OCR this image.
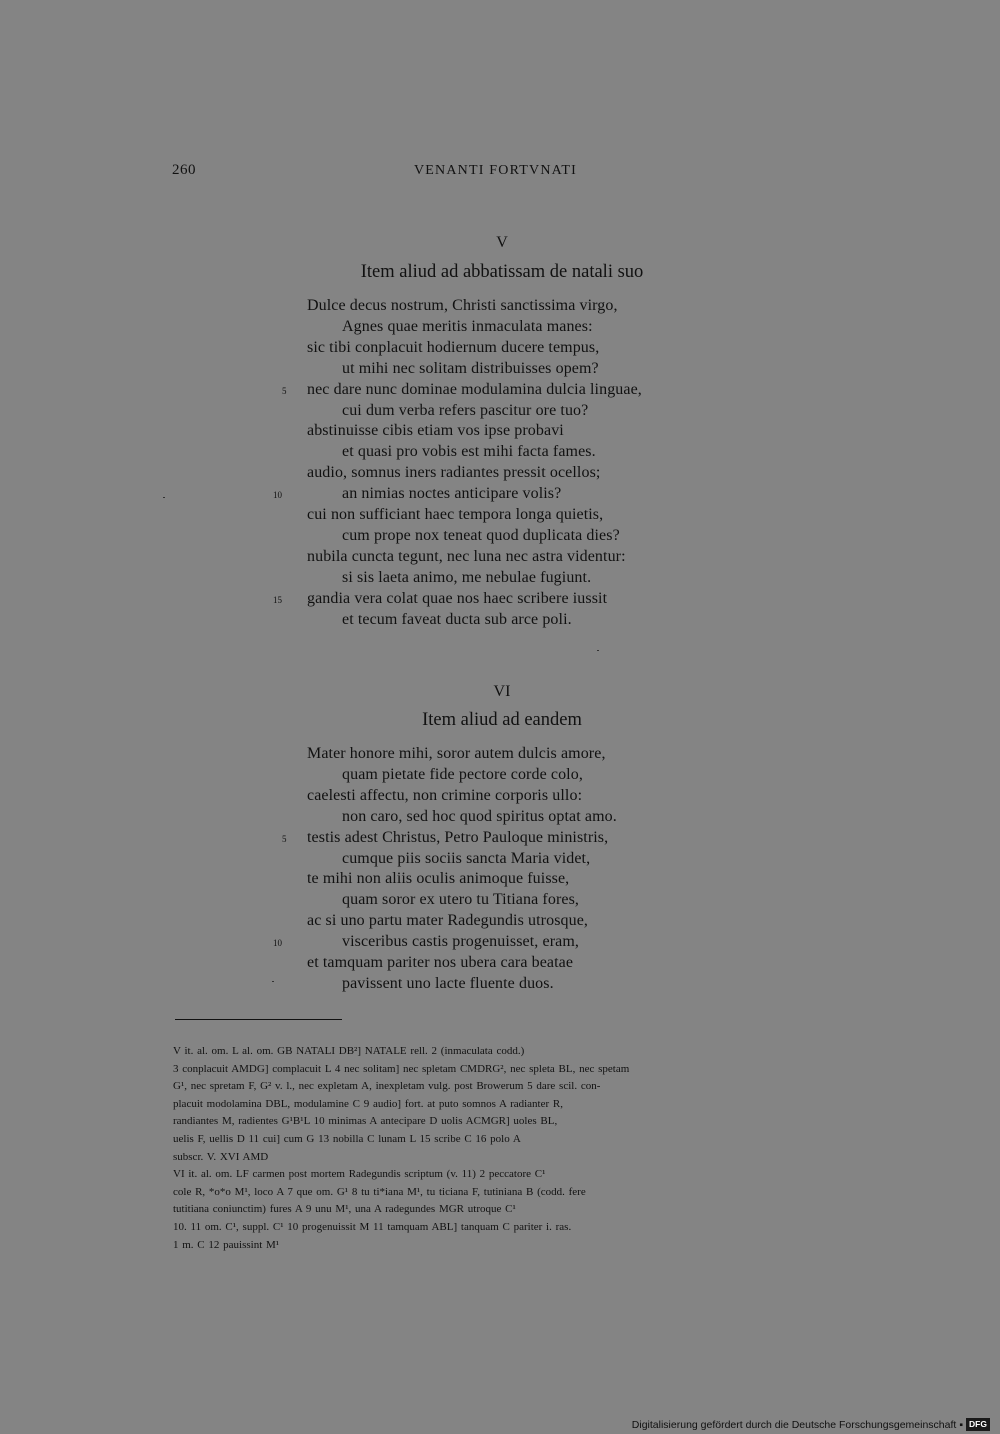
260	VENANTI FORTVNATI
V
Item aliud ad abbatissam de natali suo
Dulce decus nostrum, Christi sanctissima virgo,
Agnes quae meritis inmaculata manes:
sic tibi conplacuit hodiernum ducere tempus,
ut mihi nec solitam distribuisses opem?
nec dare nunc dominae modulamina dulcia linguae,
5
cui dum verba refers pascitur ore tuo?
abstinuisse cibis etiam vos ipse probavi
et quasi pro vobis est mihi facta fames.
audio, somnus iners radiantes pressit ocellos;
an nimias noctes anticipare volis?
10
cui non sufficiant haec tempora longa quietis,
cum prope nox teneat quod duplicata dies?
nubila cuncta tegunt, nec luna nec astra videntur:
si sis laeta animo, me nebulae fugiunt.
gandia vera colat quae nos haec scribere iussit
15
et tecum faveat ducta sub arce poli.
VI
Item aliud ad eandem
Mater honore mihi, soror autem dulcis amore,
quam pietate fide pectore corde colo,
caelesti affectu, non crimine corporis ullo:
non caro, sed hoc quod spiritus optat amo.
testis adest Christus, Petro Pauloque ministris,
5
cumque piis sociis sancta Maria videt,
te mihi non aliis oculis animoque fuisse,
quam soror ex utero tu Titiana fores,
ac si uno partu mater Radegundis utrosque,
visceribus castis progenuisset, eram,
10
et tamquam pariter nos ubera cara beatae
pavissent uno lacte fluente duos.
V it. al. om. L al. om. GB NATALI DB²] NATALE rell. 2 (inmaculata codd.)
3 conplacuit AMDG] complacuit L 4 nec solitam] nec spletam CMDRG², nec spleta BL, nec spetam
G¹, nec spretam F, G² v. l., nec expletam A, inexpletam vulg. post Browerum 5 dare scil. con-
placuit modolamina DBL, modulamine C 9 audio] fort. at puto somnos A radianter R,
randiantes M, radientes G¹B¹L 10 minimas A antecipare D uolis ACMGR] uoles BL,
uelis F, uellis D 11 cui] cum G 13 nobilla C lunam L 15 scribe C 16 polo A
subscr. V. XVI AMD
VI it. al. om. LF carmen post mortem Radegundis scriptum (v. 11) 2 peccatore C¹
cole R, *o*o M¹, loco A 7 que om. G¹ 8 tu ti*iana M¹, tu ticiana F, tutiniana B (codd. fere
tutitiana coniunctim) fures A 9 unu M¹, una A radegundes MGR utroque C¹
10. 11 om. C¹, suppl. C¹ 10 progenuissit M 11 tamquam ABL] tanquam C pariter i. ras.
1 m. C 12 pauissint M¹
Digitalisierung gefördert durch die Deutsche Forschungsgemeinschaft ▪ DFG
